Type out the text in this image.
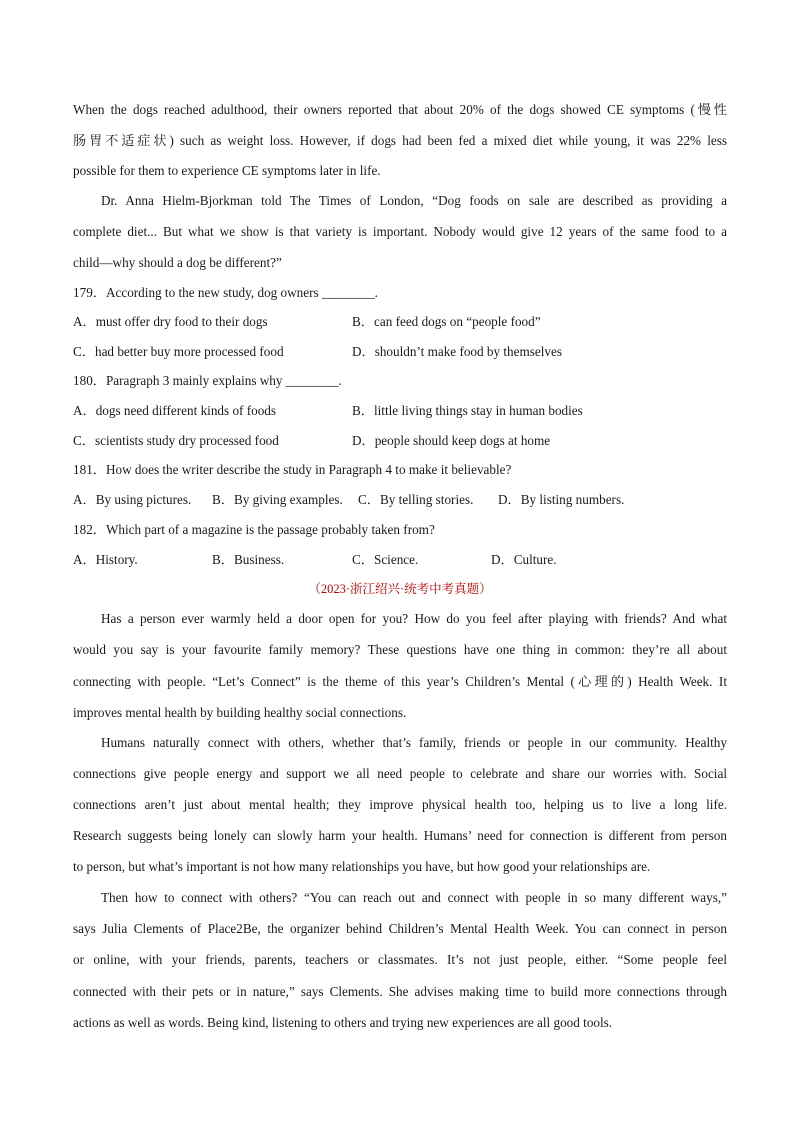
When the dogs reached adulthood, their owners reported that about 20% of the dogs showed CE symptoms (慢性
肠胃不适症状) such as weight loss. However, if dogs had been fed a mixed diet while young, it was 22% less
possible for them to experience CE symptoms later in life.
Dr. Anna Hielm-Bjorkman told The Times of London, “Dog foods on sale are described as providing a
complete diet... But what we show is that variety is important. Nobody would give 12 years of the same food to a
child—why should a dog be different?”
179．According to the new study, dog owners ________.
A．must offer dry food to their dogs	B．can feed dogs on “people food”
C．had better buy more processed food	D．shouldn’t make food by themselves
180．Paragraph 3 mainly explains why ________.
A．dogs need different kinds of foods	B．little living things stay in human bodies
C．scientists study dry processed food	D．people should keep dogs at home
181．How does the writer describe the study in Paragraph 4 to make it believable?
A．By using pictures. B．By giving examples. C．By telling stories. D．By listing numbers.
182．Which part of a magazine is the passage probably taken from?
A．History.	B．Business.	C．Science.	D．Culture.
（2023·浙江绍兴·统考中考真题）
Has a person ever warmly held a door open for you? How do you feel after playing with friends? And what
would you say is your favourite family memory? These questions have one thing in common: they’re all about
connecting with people. “Let’s Connect” is the theme of this year’s Children’s Mental (心理的) Health Week. It
improves mental health by building healthy social connections.
Humans naturally connect with others, whether that’s family, friends or people in our community. Healthy
connections give people energy and support we all need people to celebrate and share our worries with. Social
connections aren’t just about mental health; they improve physical health too, helping us to live a long life.
Research suggests being lonely can slowly harm your health. Humans’ need for connection is different from person
to person, but what’s important is not how many relationships you have, but how good your relationships are.
Then how to connect with others? “You can reach out and connect with people in so many different ways,”
says Julia Clements of Place2Be, the organizer behind Children’s Mental Health Week. You can connect in person
or online, with your friends, parents, teachers or classmates. It’s not just people, either. “Some people feel
connected with their pets or in nature,” says Clements. She advises making time to build more connections through
actions as well as words. Being kind, listening to others and trying new experiences are all good tools.
